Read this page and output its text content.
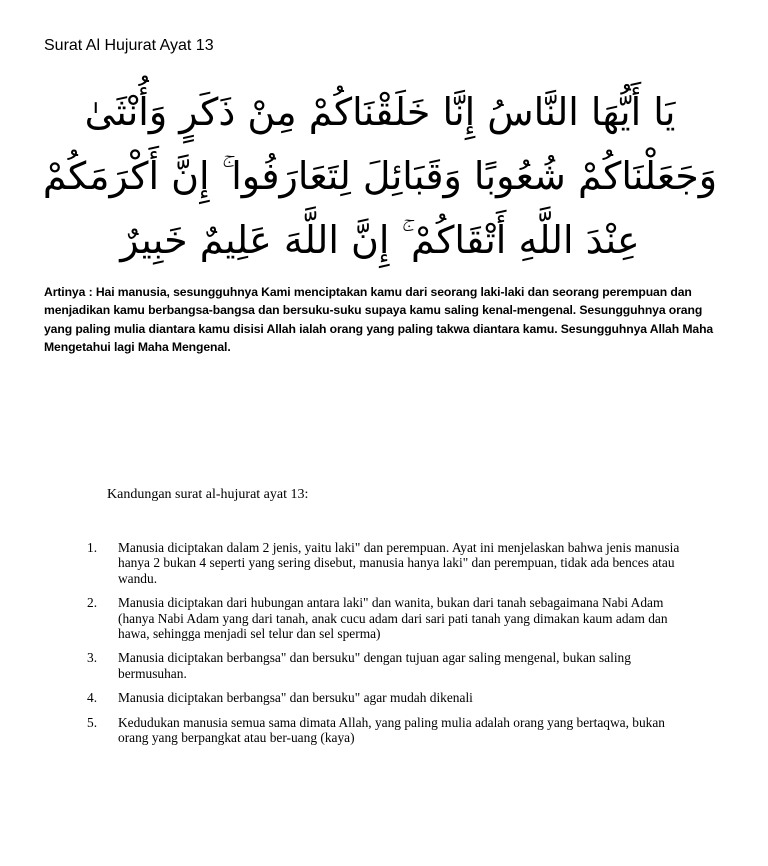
Surat Al Hujurat Ayat 13
يَا أَيُّهَا النَّاسُ إِنَّا خَلَقْنَاكُمْ مِنْ ذَكَرٍ وَأُنْثَىٰ
وَجَعَلْنَاكُمْ شُعُوبًا وَقَبَائِلَ لِتَعَارَفُوا ۚ إِنَّ أَكْرَمَكُمْ
عِنْدَ اللَّهِ أَتْقَاكُمْ ۚ إِنَّ اللَّهَ عَلِيمٌ خَبِيرٌ

Artinya : Hai manusia, sesungguhnya Kami menciptakan kamu dari seorang laki-laki dan seorang perempuan dan menjadikan kamu berbangsa-bangsa dan bersuku-suku supaya kamu saling kenal-mengenal. Sesungguhnya orang yang paling mulia diantara kamu disisi Allah ialah orang yang paling takwa diantara kamu. Sesungguhnya Allah Maha Mengetahui lagi Maha Mengenal.

Kandungan surat al-hujurat ayat 13:
1. Manusia diciptakan dalam 2 jenis, yaitu laki" dan perempuan. Ayat ini menjelaskan bahwa jenis manusia hanya 2 bukan 4 seperti yang sering disebut, manusia hanya laki" dan perempuan, tidak ada bences atau wandu.
2. Manusia diciptakan dari hubungan antara laki" dan wanita, bukan dari tanah sebagaimana Nabi Adam (hanya Nabi Adam yang dari tanah, anak cucu adam dari sari pati tanah yang dimakan kaum adam dan hawa, sehingga menjadi sel telur dan sel sperma)
3. Manusia diciptakan berbangsa" dan bersuku" dengan tujuan agar saling mengenal, bukan saling bermusuhan.
4. Manusia diciptakan berbangsa" dan bersuku" agar mudah dikenali
5. Kedudukan manusia semua sama dimata Allah, yang paling mulia adalah orang yang bertaqwa, bukan orang yang berpangkat atau ber-uang (kaya)
